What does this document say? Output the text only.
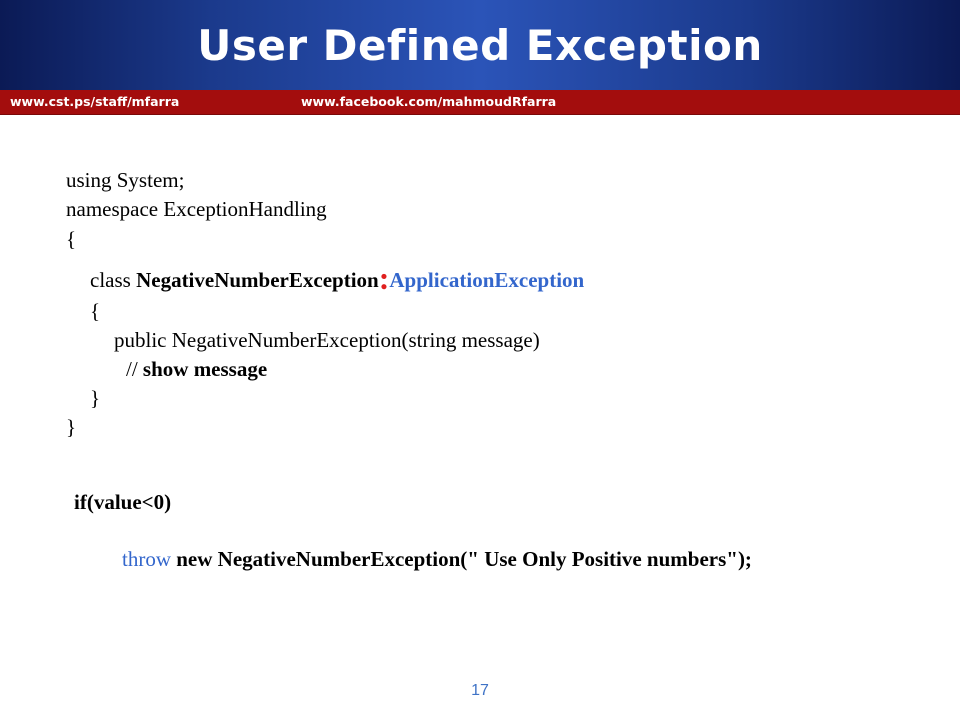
User Defined Exception
www.cst.ps/staff/mfarra	www.facebook.com/mahmoudRfarra
using System;
namespace ExceptionHandling
{
class NegativeNumberException:ApplicationException
{
public NegativeNumberException(string message)
// show message
}
}
if(value<0)
throw new NegativeNumberException(" Use Only Positive numbers");
17
